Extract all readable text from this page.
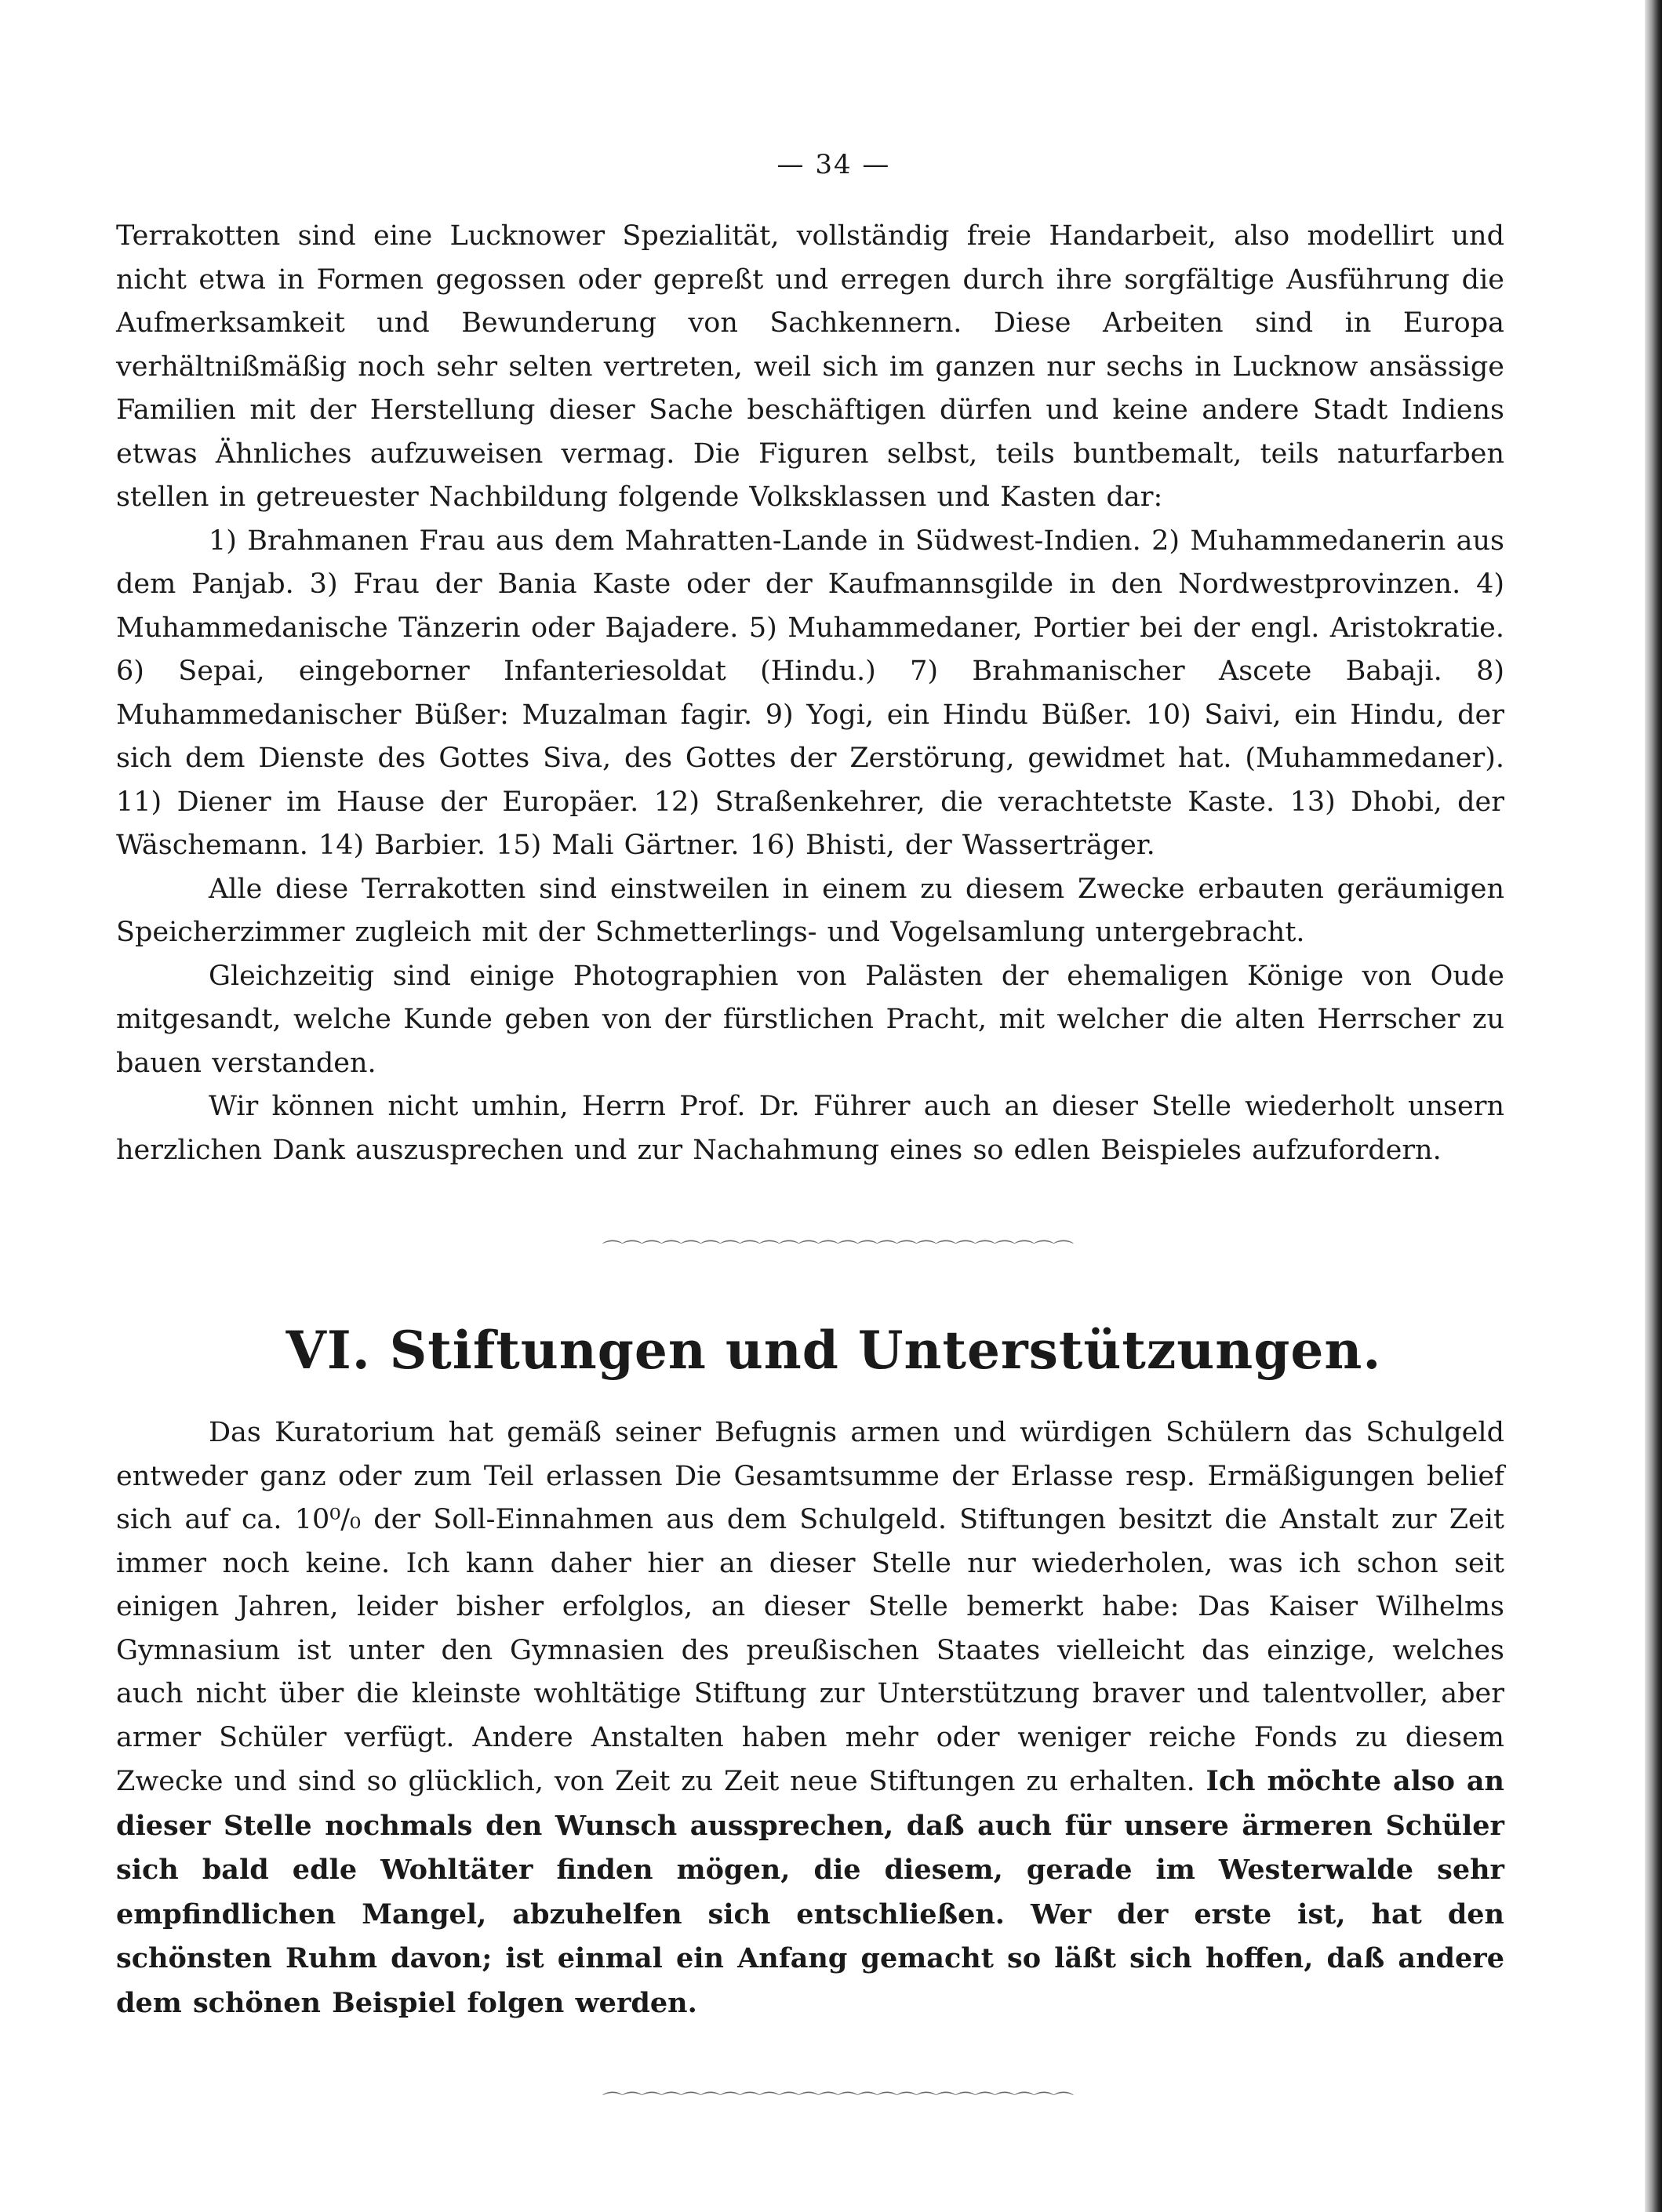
— 34 —

Terrakotten sind eine Lucknower Spezialität, vollständig freie Handarbeit, also modellirt und nicht etwa in Formen gegossen oder gepreßt und erregen durch ihre sorgfältige Ausführung die Aufmerksamkeit und Bewunderung von Sachkennern. Diese Arbeiten sind in Europa verhältnißmäßig noch sehr selten vertreten, weil sich im ganzen nur sechs in Lucknow ansässige Familien mit der Herstellung dieser Sache beschäftigen dürfen und keine andere Stadt Indiens etwas Ähnliches aufzuweisen vermag. Die Figuren selbst, teils buntbemalt, teils naturfarben stellen in getreuester Nachbildung folgende Volksklassen und Kasten dar:

1) Brahmanen Frau aus dem Mahratten-Lande in Südwest-Indien. 2) Muhammedanerin aus dem Panjab. 3) Frau der Bania Kaste oder der Kaufmannsgilde in den Nordwestprovinzen. 4) Muhammedanische Tänzerin oder Bajadere. 5) Muhammedaner, Portier bei der engl. Aristokratie. 6) Sepai, eingeborner Infanteriesoldat (Hindu.) 7) Brahmanischer Ascete Babaji. 8) Muhammedanischer Büßer: Muzalman fagir. 9) Yogi, ein Hindu Büßer. 10) Saivi, ein Hindu, der sich dem Dienste des Gottes Siva, des Gottes der Zerstörung, gewidmet hat. (Muhammedaner). 11) Diener im Hause der Europäer. 12) Straßenkehrer, die verachtetste Kaste. 13) Dhobi, der Wäschemann. 14) Barbier. 15) Mali Gärtner. 16) Bhisti, der Wasserträger.

Alle diese Terrakotten sind einstweilen in einem zu diesem Zwecke erbauten geräumigen Speicherzimmer zugleich mit der Schmetterlings- und Vogelsamlung untergebracht.

Gleichzeitig sind einige Photographien von Palästen der ehemaligen Könige von Oude mitgesandt, welche Kunde geben von der fürstlichen Pracht, mit welcher die alten Herrscher zu bauen verstanden.

Wir können nicht umhin, Herrn Prof. Dr. Führer auch an dieser Stelle wiederholt unsern herzlichen Dank auszusprechen und zur Nachahmung eines so edlen Beispieles aufzufordern.

⌒⌒⌒⌒⌒⌒⌒⌒⌒⌒⌒⌒⌒⌒⌒⌒⌒⌒⌒⌒⌒⌒⌒⌒
VI. Stiftungen und Unterstützungen.

Das Kuratorium hat gemäß seiner Befugnis armen und würdigen Schülern das Schulgeld entweder ganz oder zum Teil erlassen Die Gesamtsumme der Erlasse resp. Ermäßigungen belief sich auf ca. 10⁰/₀ der Soll-Einnahmen aus dem Schulgeld. Stiftungen besitzt die Anstalt zur Zeit immer noch keine. Ich kann daher hier an dieser Stelle nur wiederholen, was ich schon seit einigen Jahren, leider bisher erfolglos, an dieser Stelle bemerkt habe: Das Kaiser Wilhelms Gymnasium ist unter den Gymnasien des preußischen Staates vielleicht das einzige, welches auch nicht über die kleinste wohltätige Stiftung zur Unterstützung braver und talentvoller, aber armer Schüler verfügt. Andere Anstalten haben mehr oder weniger reiche Fonds zu diesem Zwecke und sind so glücklich, von Zeit zu Zeit neue Stiftungen zu erhalten.

Ich möchte also an dieser Stelle nochmals den Wunsch aussprechen, daß auch für unsere ärmeren Schüler sich bald edle Wohltäter finden mögen, die diesem, gerade im Westerwalde sehr empfindlichen Mangel, abzuhelfen sich entschließen. Wer der erste ist, hat den schönsten Ruhm davon; ist einmal ein Anfang gemacht so läßt sich hoffen, daß andere dem schönen Beispiel folgen werden.

⌒⌒⌒⌒⌒⌒⌒⌒⌒⌒⌒⌒⌒⌒⌒⌒⌒⌒⌒⌒⌒⌒⌒⌒
